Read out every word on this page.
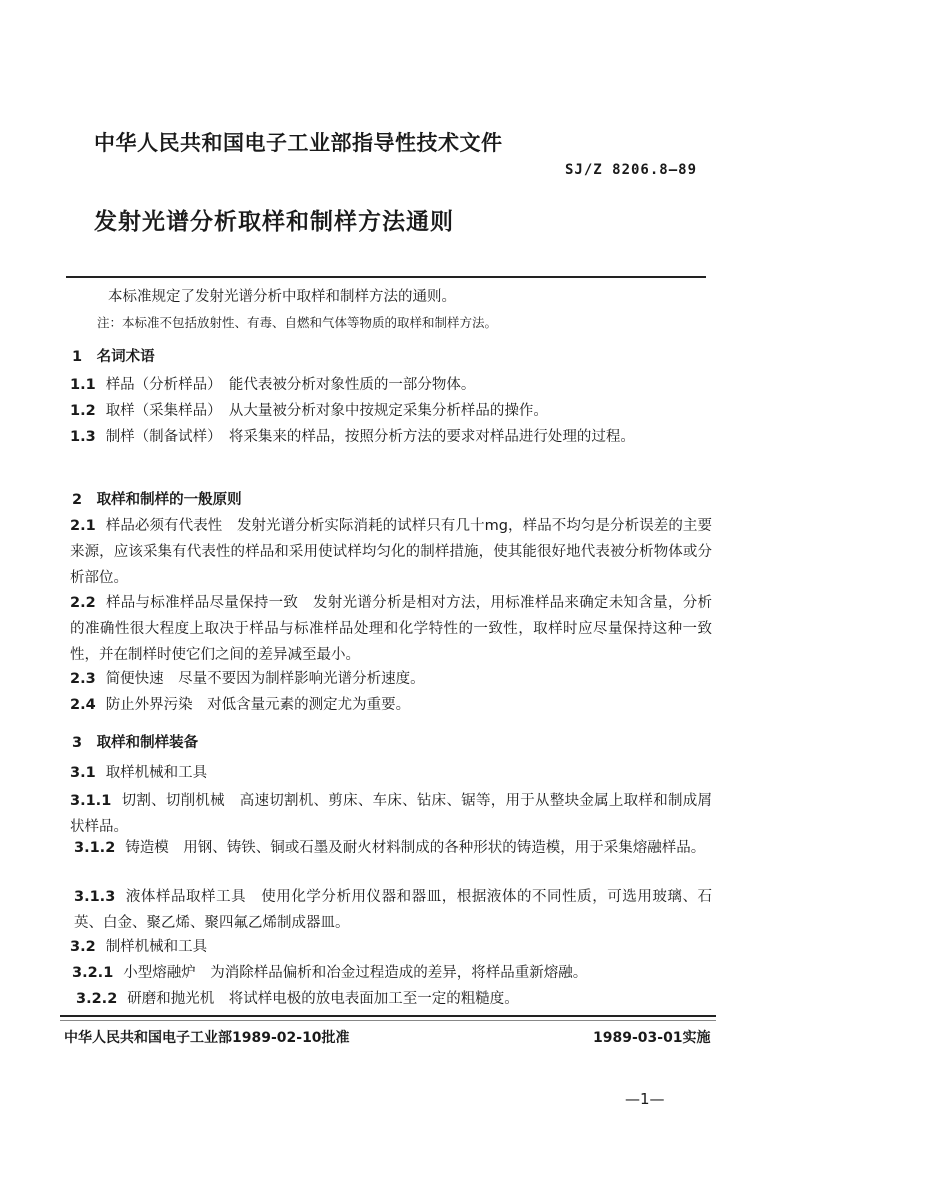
中华人民共和国电子工业部指导性技术文件
SJ/Z 8206.8—89
发射光谱分析取样和制样方法通则
本标准规定了发射光谱分析中取样和制样方法的通则。
注：本标准不包括放射性、有毒、自燃和气体等物质的取样和制样方法。
1　名词术语
1.1 样品（分析样品）　能代表被分析对象性质的一部分物体。
1.2 取样（采集样品）　从大量被分析对象中按规定采集分析样品的操作。
1.3 制样（制备试样）　将采集来的样品，按照分析方法的要求对样品进行处理的过程。
2　取样和制样的一般原则
2.1 样品必须有代表性　发射光谱分析实际消耗的试样只有几十mg，样品不均匀是分析误差的主要来源，应该采集有代表性的样品和采用使试样均匀化的制样措施，使其能很好地代表被分析物体或分析部位。
2.2 样品与标准样品尽量保持一致　发射光谱分析是相对方法，用标准样品来确定未知含量，分析的准确性很大程度上取决于样品与标准样品处理和化学特性的一致性，取样时应尽量保持这种一致性，并在制样时使它们之间的差异减至最小。
2.3 简便快速　尽量不要因为制样影响光谱分析速度。
2.4 防止外界污染　对低含量元素的测定尤为重要。
3　取样和制样装备
3.1 取样机械和工具
3.1.1 切割、切削机械　高速切割机、剪床、车床、钻床、锯等，用于从整块金属上取样和制成屑状样品。
3.1.2 铸造模　用钢、铸铁、铜或石墨及耐火材料制成的各种形状的铸造模，用于采集熔融样品。
3.1.3 液体样品取样工具　使用化学分析用仪器和器皿，根据液体的不同性质，可选用玻璃、石英、白金、聚乙烯、聚四氟乙烯制成器皿。
3.2 制样机械和工具
3.2.1 小型熔融炉　为消除样品偏析和冶金过程造成的差异，将样品重新熔融。
3.2.2 研磨和抛光机　将试样电极的放电表面加工至一定的粗糙度。
中华人民共和国电子工业部1989-02-10批准	1989-03-01实施
—1—
